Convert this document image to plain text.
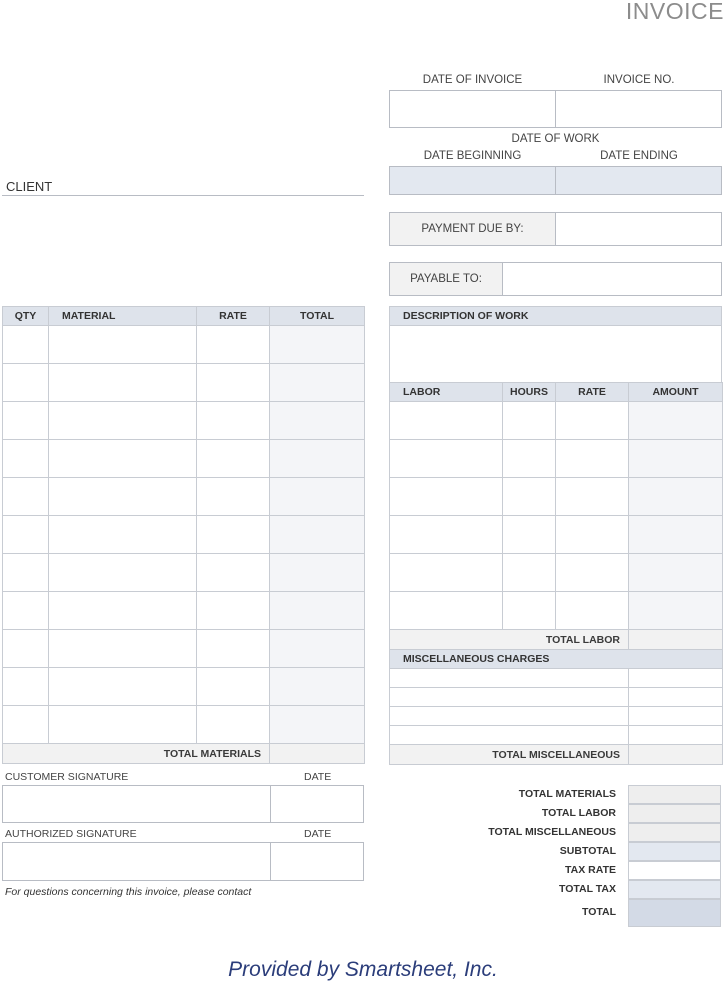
INVOICE
DATE OF INVOICE	INVOICE NO.
DATE OF WORK
DATE BEGINNING	DATE ENDING
CLIENT
PAYMENT DUE BY:
PAYABLE TO:
QTY	MATERIAL	RATE	TOTAL

TOTAL MATERIALS			
DESCRIPTION OF WORK
LABOR	HOURS	RATE	AMOUNT

TOTAL LABOR			
MISCELLANEOUS CHARGES			

TOTAL MISCELLANEOUS			
CUSTOMER SIGNATURE	DATE
AUTHORIZED SIGNATURE	DATE
For questions concerning this invoice, please contact
TOTAL MATERIALS
TOTAL LABOR
TOTAL MISCELLANEOUS
SUBTOTAL
TAX RATE
TOTAL TAX
TOTAL
Provided by Smartsheet, Inc.
